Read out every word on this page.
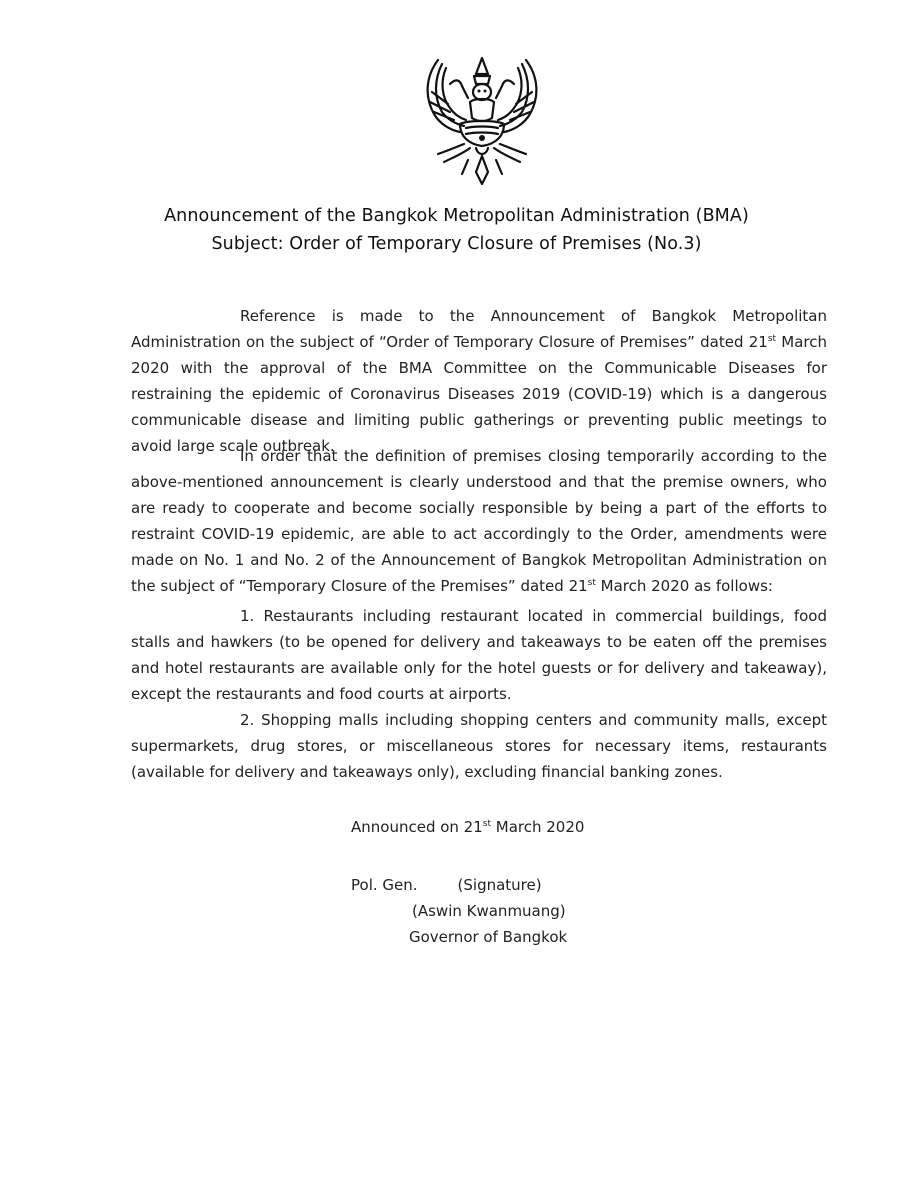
Announcement of the Bangkok Metropolitan Administration (BMA)
Subject: Order of Temporary Closure of Premises (No.3)

Reference is made to the Announcement of Bangkok Metropolitan Administration on the subject of “Order of Temporary Closure of Premises” dated 21st March 2020 with the approval of the BMA Committee on the Communicable Diseases for restraining the epidemic of Coronavirus Diseases 2019 (COVID-19) which is a dangerous communicable disease and limiting public gatherings or preventing public meetings to avoid large scale outbreak.

In order that the definition of premises closing temporarily according to the above-mentioned announcement is clearly understood and that the premise owners, who are ready to cooperate and become socially responsible by being a part of the efforts to restraint COVID-19 epidemic, are able to act accordingly to the Order, amendments were made on No. 1 and No. 2 of the Announcement of Bangkok Metropolitan Administration on the subject of “Temporary Closure of the Premises” dated 21st March 2020 as follows:

1. Restaurants including restaurant located in commercial buildings, food stalls and hawkers (to be opened for delivery and takeaways to be eaten off the premises and hotel restaurants are available only for the hotel guests or for delivery and takeaway), except the restaurants and food courts at airports.

2. Shopping malls including shopping centers and community malls, except supermarkets, drug stores, or miscellaneous stores for necessary items, restaurants (available for delivery and takeaways only), excluding financial banking zones.

Announced on 21st March 2020
Pol. Gen.	(Signature)
(Aswin Kwanmuang)
Governor of Bangkok
